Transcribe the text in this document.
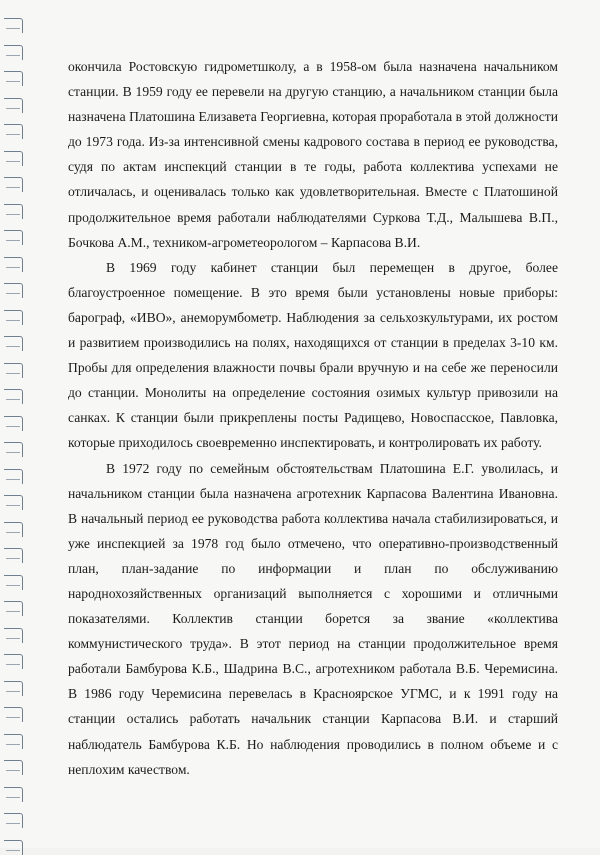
окончила Ростовскую гидрометшколу, а в 1958-ом была назначена начальником станции. В 1959 году ее перевели на другую станцию, а начальником станции была назначена Платошина Елизавета Георгиевна, которая проработала в этой должности до 1973 года. Из-за интенсивной смены кадрового состава в период ее руководства, судя по актам инспекций станции в те годы, работа коллектива успехами не отличалась, и оценивалась только как удовлетворительная. Вместе с Платошиной продолжительное время работали наблюдателями Суркова Т.Д., Малышева В.П., Бочкова А.М., техником-агрометеорологом – Карпасова В.И.

В 1969 году кабинет станции был перемещен в другое, более благоустроенное помещение. В это время были установлены новые приборы: барограф, «ИВО», анеморумбометр. Наблюдения за сельхозкультурами, их ростом и развитием производились на полях, находящихся от станции в пределах 3-10 км. Пробы для определения влажности почвы брали вручную и на себе же переносили до станции. Монолиты на определение состояния озимых культур привозили на санках. К станции были прикреплены посты Радищево, Новоспасское, Павловка, которые приходилось своевременно инспектировать, и контролировать их работу.

В 1972 году по семейным обстоятельствам Платошина Е.Г. уволилась, и начальником станции была назначена агротехник Карпасова Валентина Ивановна. В начальный период ее руководства работа коллектива начала стабилизироваться, и уже инспекцией за 1978 год было отмечено, что оперативно-производственный план, план-задание по информации и план по обслуживанию народнохозяйственных организаций выполняется с хорошими и отличными показателями. Коллектив станции борется за звание «коллектива коммунистического труда». В этот период на станции продолжительное время работали Бамбурова К.Б., Шадрина В.С., агротехником работала В.Б. Черемисина. В 1986 году Черемисина перевелась в Красноярское УГМС, и к 1991 году на станции остались работать начальник станции Карпасова В.И. и старший наблюдатель Бамбурова К.Б. Но наблюдения проводились в полном объеме и с неплохим качеством.
